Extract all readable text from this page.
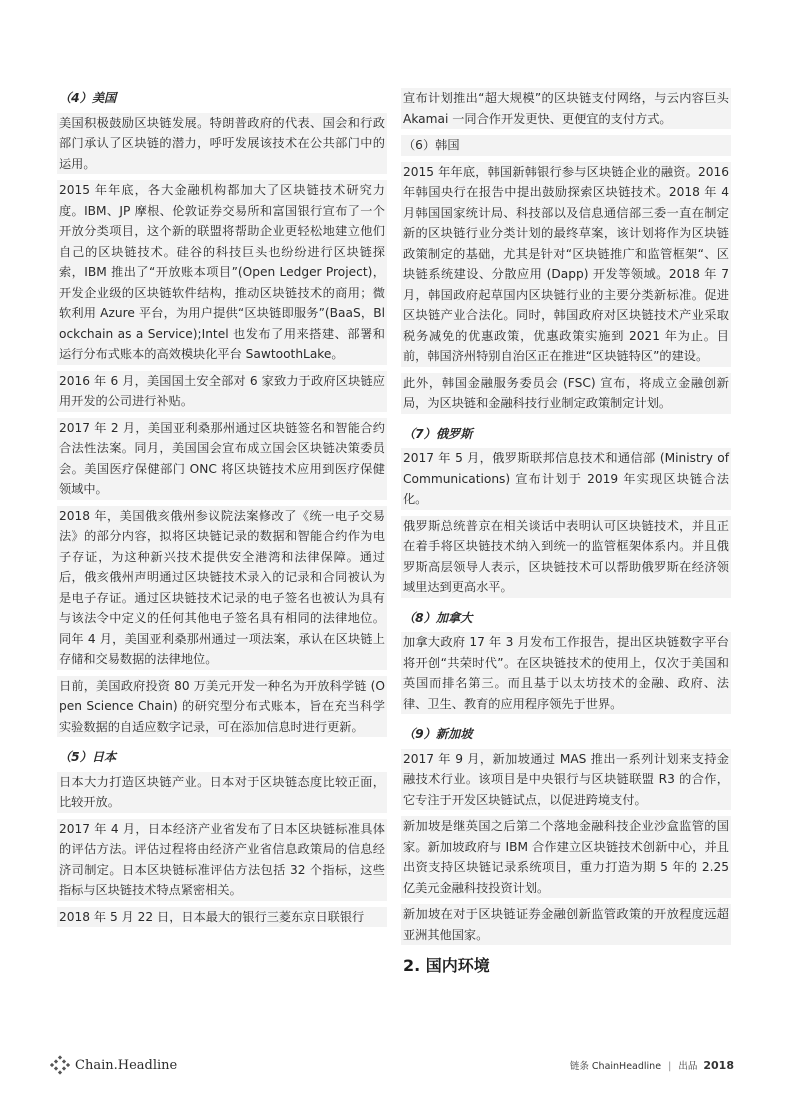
（4）美国
美国积极鼓励区块链发展。特朗普政府的代表、国会和行政部门承认了区块链的潜力，呼吁发展该技术在公共部门中的运用。
2015 年年底，各大金融机构都加大了区块链技术研究力度。IBM、JP 摩根、伦敦证券交易所和富国银行宣布了一个开放分类项目，这个新的联盟将帮助企业更轻松地建立他们自己的区块链技术。硅谷的科技巨头也纷纷进行区块链探索，IBM 推出了“开放账本项目”(Open Ledger Project)，开发企业级的区块链软件结构，推动区块链技术的商用；微软利用 Azure 平台，为用户提供“区块链即服务”(BaaS，Blockchain as a Service);Intel 也发布了用来搭建、部署和运行分布式账本的高效模块化平台 SawtoothLake。
2016 年 6 月，美国国土安全部对 6 家致力于政府区块链应用开发的公司进行补贴。
2017 年 2 月，美国亚利桑那州通过区块链签名和智能合约合法性法案。同月，美国国会宣布成立国会区块链决策委员会。美国医疗保健部门 ONC 将区块链技术应用到医疗保健领域中。
2018 年，美国俄亥俄州参议院法案修改了《统一电子交易法》的部分内容，拟将区块链记录的数据和智能合约作为电子存证，为这种新兴技术提供安全港湾和法律保障。通过后，俄亥俄州声明通过区块链技术录入的记录和合同被认为是电子存证。通过区块链技术记录的电子签名也被认为具有与该法令中定义的任何其他电子签名具有相同的法律地位。同年 4 月，美国亚利桑那州通过一项法案，承认在区块链上存储和交易数据的法律地位。
日前，美国政府投资 80 万美元开发一种名为开放科学链 (Open Science Chain) 的研究型分布式账本，旨在充当科学实验数据的自适应数字记录，可在添加信息时进行更新。
（5）日本
日本大力打造区块链产业。日本对于区块链态度比较正面，比较开放。
2017 年 4 月，日本经济产业省发布了日本区块链标准具体的评估方法。评估过程将由经济产业省信息政策局的信息经济司制定。日本区块链标准评估方法包括 32 个指标，这些指标与区块链技术特点紧密相关。
2018 年 5 月 22 日，日本最大的银行三菱东京日联银行
宣布计划推出“超大规模”的区块链支付网络，与云内容巨头 Akamai 一同合作开发更快、更便宜的支付方式。
（6）韩国
2015 年年底，韩国新韩银行参与区块链企业的融资。2016 年韩国央行在报告中提出鼓励探索区块链技术。2018 年 4 月韩国国家统计局、科技部以及信息通信部三委一直在制定新的区块链行业分类计划的最终草案，该计划将作为区块链政策制定的基础，尤其是针对“区块链推广和监管框架“、区块链系统建设、分散应用 (Dapp) 开发等领域。2018 年 7 月，韩国政府起草国内区块链行业的主要分类新标准。促进区块链产业合法化。同时，韩国政府对区块链技术产业采取税务减免的优惠政策，优惠政策实施到 2021 年为止。目前，韩国济州特别自治区正在推进“区块链特区”的建设。
此外，韩国金融服务委员会 (FSC) 宣布，将成立金融创新局，为区块链和金融科技行业制定政策制定计划。
（7）俄罗斯
2017 年 5 月，俄罗斯联邦信息技术和通信部 (Ministry of Communications) 宣布计划于 2019 年实现区块链合法化。
俄罗斯总统普京在相关谈话中表明认可区块链技术，并且正在着手将区块链技术纳入到统一的监管框架体系内。并且俄罗斯高层领导人表示，区块链技术可以帮助俄罗斯在经济领域里达到更高水平。
（8）加拿大
加拿大政府 17 年 3 月发布工作报告，提出区块链数字平台将开创“共荣时代”。在区块链技术的使用上，仅次于美国和英国而排名第三。而且基于以太坊技术的金融、政府、法律、卫生、教育的应用程序领先于世界。
（9）新加坡
2017 年 9 月，新加坡通过 MAS 推出一系列计划来支持金融技术行业。该项目是中央银行与区块链联盟 R3 的合作，它专注于开发区块链试点，以促进跨境支付。
新加坡是继英国之后第二个落地金融科技企业沙盒监管的国家。新加坡政府与 IBM 合作建立区块链技术创新中心，并且出资支持区块链记录系统项目，重力打造为期 5 年的 2.25 亿美元金融科技投资计划。
新加坡在对于区块链证券金融创新监管政策的开放程度远超亚洲其他国家。
2. 国内环境
Chain.Headline	链条 ChainHeadline | 出品 2018
